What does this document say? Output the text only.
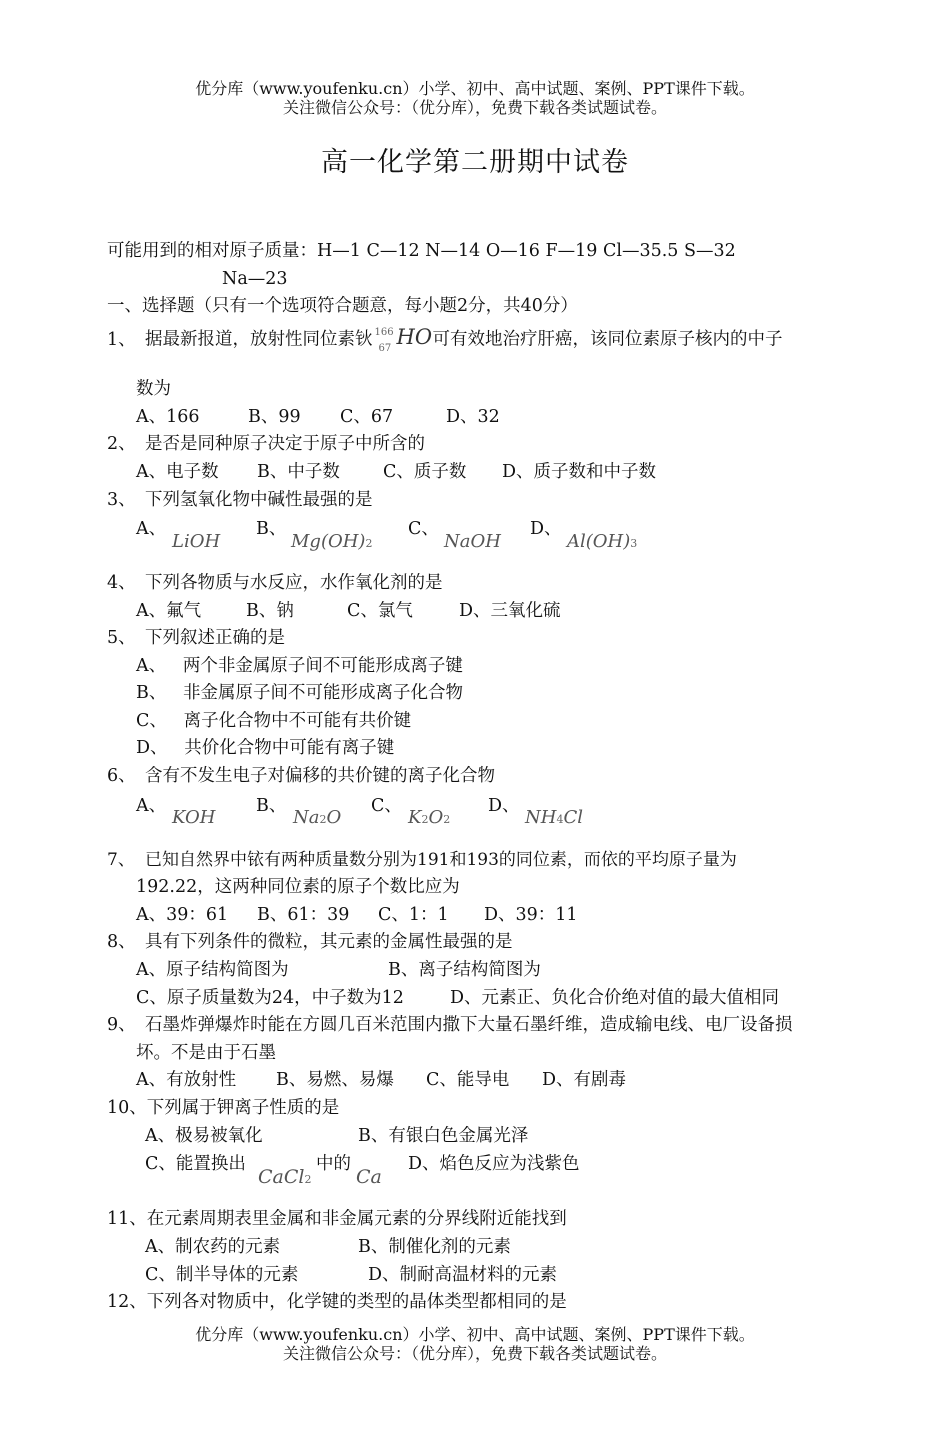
优分库（www.youfenku.cn）小学、初中、高中试题、案例、PPT课件下载。
关注微信公众号：（优分库），免费下载各类试题试卷。
高一化学第二册期中试卷
可能用到的相对原子质量：H—1 C—12 N—14 O—16 F—19 Cl—35.5 S—32
Na—23
一、选择题（只有一个选项符合题意，每小题2分，共40分）
1、 据最新报道，放射性同位素钬 166
67 HO 可有效地治疗肝癌，该同位素原子核内的中子
数为
A、166	B、99 C、67	D、32
2、 是否是同种原子决定于原子中所含的
A、电子数 B、中子数 C、质子数 D、质子数和中子数
3、 下列氢氧化物中碱性最强的是
A、
LiOH
B、
Mg(OH)2
C、
NaOH
D、
Al(OH)3
4、 下列各物质与水反应，水作氧化剂的是
A、氟气	B、钠	C、氯气	D、三氧化硫
5、 下列叙述正确的是
A、   两个非金属原子间不可能形成离子键
B、   非金属原子间不可能形成离子化合物
C、   离子化合物中不可能有共价键
D、   共价化合物中可能有离子键
6、 含有不发生电子对偏移的共价键的离子化合物
A、
KOH
B、
Na2O
C、
K2O2
D、
NH4Cl
7、 已知自然界中铱有两种质量数分别为191和193的同位素，而依的平均原子量为
192.22，这两种同位素的原子个数比应为
A、39：61 B、61：39 C、1：1 D、39：11
8、 具有下列条件的微粒，其元素的金属性最强的是
A、原子结构简图为	B、离子结构简图为
C、原子质量数为24，中子数为12	D、元素正、负化合价绝对值的最大值相同
9、 石墨炸弹爆炸时能在方圆几百米范围内撒下大量石墨纤维，造成输电线、电厂设备损
坏。不是由于石墨
A、有放射性 B、易燃、易爆 C、能导电 D、有剧毒
10、下列属于钾离子性质的是
A、极易被氧化	B、有银白色金属光泽
C、能置换出
CaCl2
中的
Ca
D、焰色反应为浅紫色
11、在元素周期表里金属和非金属元素的分界线附近能找到
A、制农药的元素	B、制催化剂的元素
C、制半导体的元素	D、制耐高温材料的元素
12、下列各对物质中，化学键的类型的晶体类型都相同的是
优分库（www.youfenku.cn）小学、初中、高中试题、案例、PPT课件下载。
关注微信公众号：（优分库），免费下载各类试题试卷。
